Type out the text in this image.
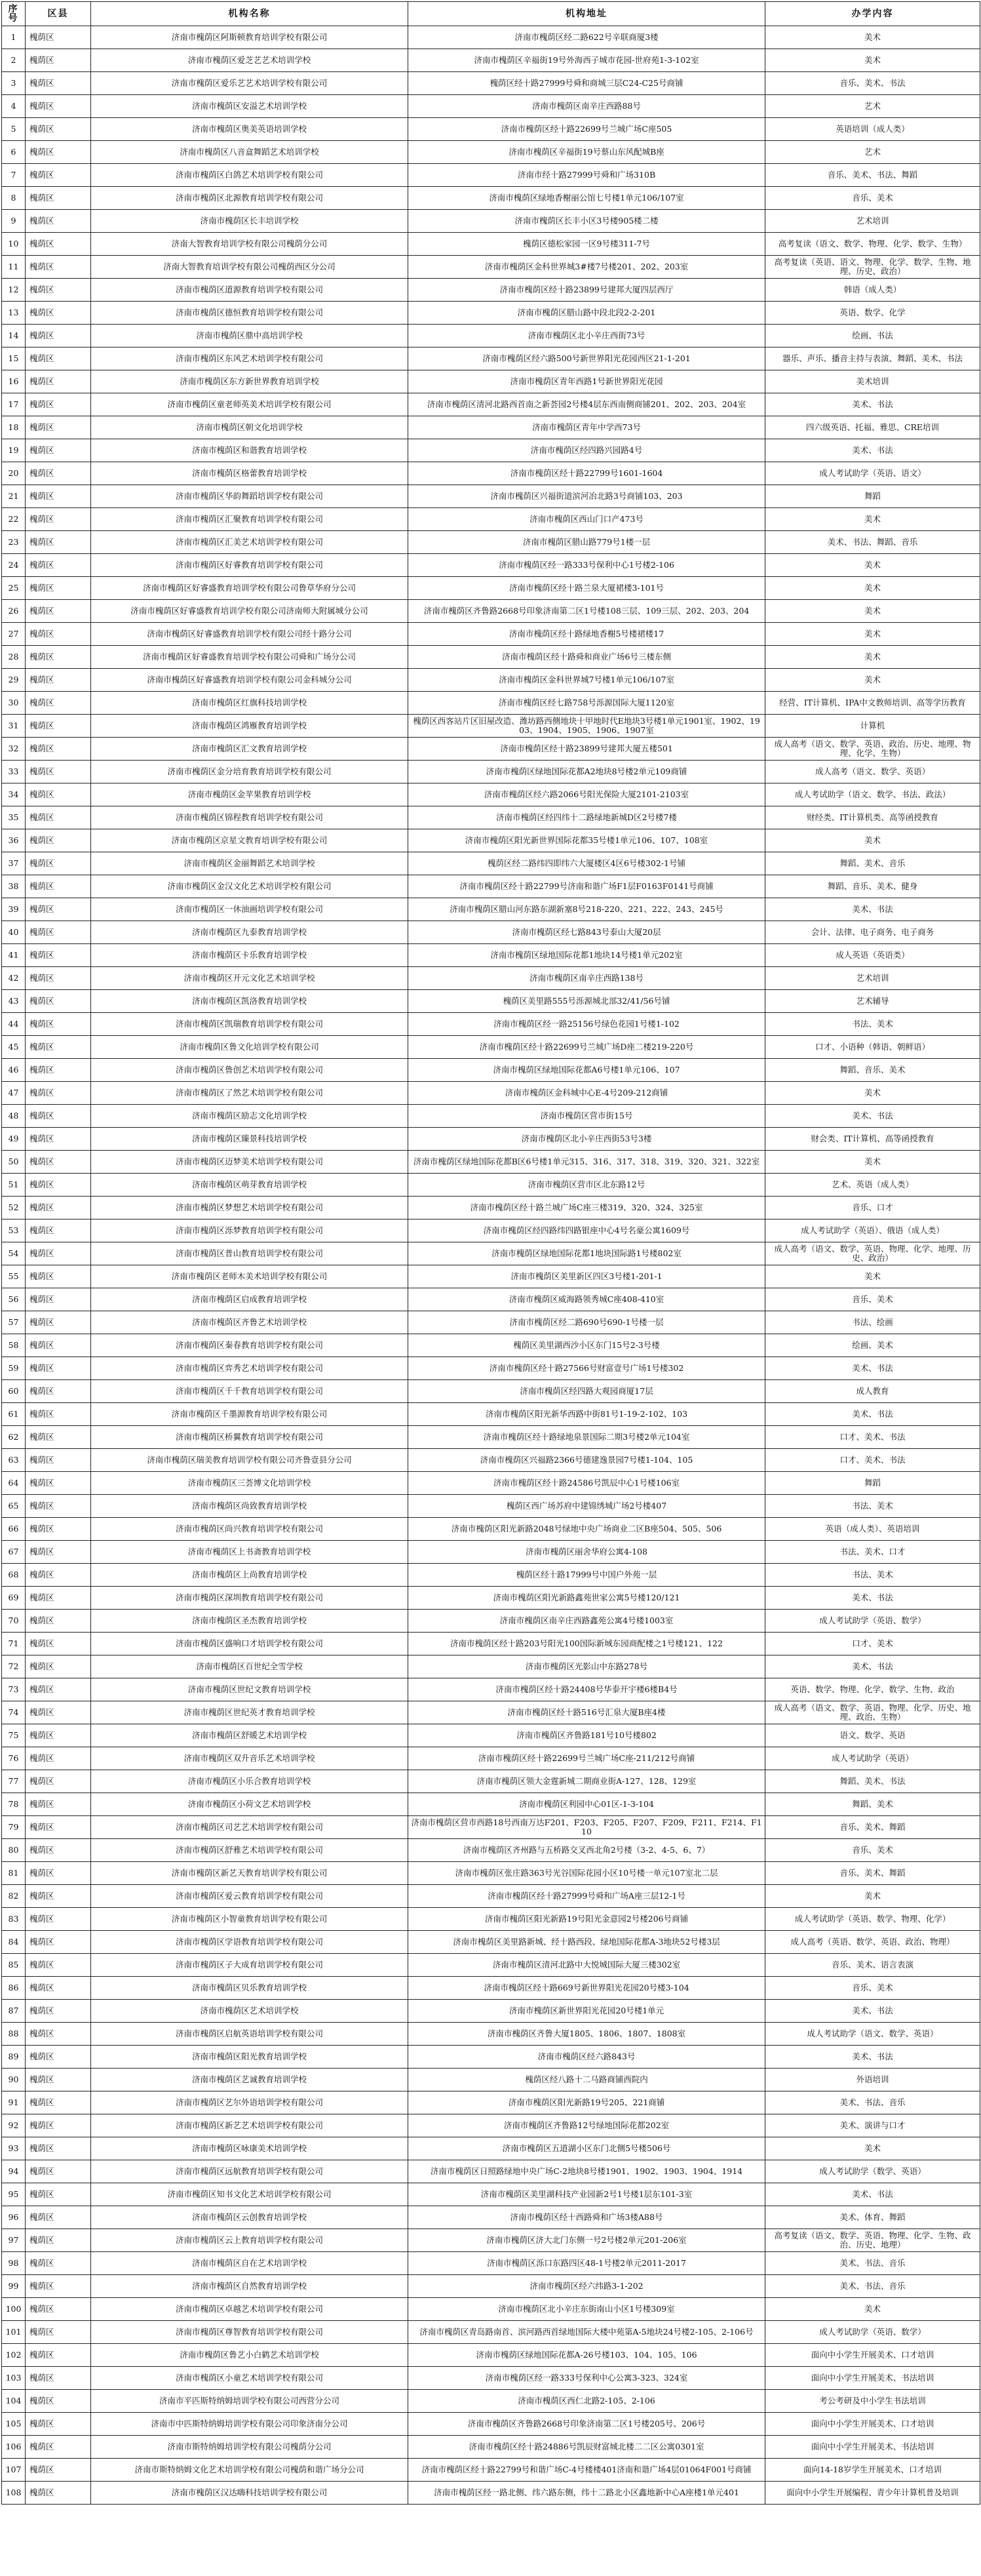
序号	区县	机构名称	机构地址	办学内容
1	槐荫区	济南市槐荫区阿斯顿教育培训学校有限公司	济南市槐荫区经二路622号辛联商厦3楼	美术
2	槐荫区	济南市槐荫区爱芝艺艺术培训学校	济南市槐荫区辛福街19号外海西子城市花园-世府苑1-3-102室	美术
3	槐荫区	济南市槐荫区爱乐艺艺术培训学校有限公司	槐荫区经十路27999号舜和商城三层C24-C25号商铺	音乐、美术、书法
4	槐荫区	济南市槐荫区安溢艺术培训学校	济南市槐荫区南辛庄西路88号	艺术
5	槐荫区	济南市槐荫区奥美英语培训学校	济南市槐荫区经十路22699号兰城广场C座505	英语培训（成人类）
6	槐荫区	济南市槐荫区八音盒舞蹈艺术培训学校	济南市槐荫区辛福街19号蔡山东风配城B座	艺术
7	槐荫区	济南市槐荫区白鸽艺术培训学校有限公司	济南市经十路27999号舜和广场310B	音乐、美术、书法、舞蹈
8	槐荫区	济南市槐荫区北源教育培训学校有限公司	济南市槐荫区绿地香榭丽公馆七号楼1单元106/107室	音乐、美术
9	槐荫区	济南市槐荫区长丰培训学校	济南市槐荫区长丰小区3号楼905楼二楼	艺术培训
10	槐荫区	济南大智教育培训学校有限公司槐荫分公司	槐荫区德松家园一区9号楼311-7号	高考复读（语文、数学、物理、化学、数学、生物）
11	槐荫区	济南大智教育培训学校有限公司槐荫西区分公司	济南市槐荫区金科世界城3#楼7号楼201、202、203室	高考复读（英语、语文、物理、化学、数学、生物、地理、历史、政治）
12	槐荫区	济南市槐荫区道源教育培训学校有限公司	济南市槐荫区经十路23899号建邦大厦四层西厅	韩语（成人类）
13	槐荫区	济南市槐荫区德恒教育培训学校有限公司	济南市槐荫区腊山路中段北段2-2-201	英语、数学、化学
14	槐荫区	济南市槐荫区鼎中高培训学校	济南市槐荫区北小辛庄西街73号	绘画、书法
15	槐荫区	济南市槐荫区东风艺术培训学校有限公司	济南市槐荫区经六路500号新世界阳光花园西区21-1-201	器乐、声乐、播音主持与表演、舞蹈、美术、书法
16	槐荫区	济南市槐荫区东方新世界教育培训学校	济南市槐荫区青年西路1号新世界阳光花园	美术培训
17	槐荫区	济南市槐荫区童老师英美术培训学校有限公司	济南市槐荫区清河北路西首南之新荟园2号楼4层东西南侧商铺201、202、203、204室	美术、书法
18	槐荫区	济南市槐荫区朝文化培训学校	济南市槐荫区青年中学西73号	四六级英语、托福、雅思、CRE培训
19	槐荫区	济南市槐荫区和谐教育培训学校	济南市槐荫区经四路兴园路4号	美术、书法
20	槐荫区	济南市槐荫区格蕾教育培训学校	济南市槐荫区经十路22799号1601-1604	成人考试助学（英语、语文）
21	槐荫区	济南市槐荫区华韵舞蹈培训学校有限公司	济南市槐荫区兴福街道滨河冶北路3号商铺103、203	舞蹈
22	槐荫区	济南市槐荫区汇聚教育培训学校有限公司	济南市槐荫区西山门口产473号	美术
23	槐荫区	济南市槐荫区汇美艺术培训学校有限公司	济南市槐荫区腊山路779号1楼一层	美术、书法、舞蹈、音乐
24	槐荫区	济南市槐荫区好睿教育培训学校有限公司	济南市槐荫区经一路333号保利中心1号楼2-106	美术
25	槐荫区	济南市槐荫区好睿盛教育培训学校有限公司鲁草华府分公司	济南市槐荫区经十路兰泉大厦裙楼3-101号	美术
26	槐荫区	济南市槐荫区好睿盛教育培训学校有限公司济南师大附属城分公司	济南市槐荫区齐鲁路2668号印象济南第二区1号楼108三层、109三层、202、203、204	美术
27	槐荫区	济南市槐荫区好睿盛教育培训学校有限公司经十路分公司	济南市槐荫区经十路绿地香榭5号楼裙楼17	美术
28	槐荫区	济南市槐荫区好睿盛教育培训学校有限公司舜和广场分公司	济南市槐荫区经十路舜和商业广场6号三楼东侧	美术
29	槐荫区	济南市槐荫区好睿盛教育培训学校有限公司金科城分公司	济南市槐荫区金科世界城7号楼1单元106/107室	美术
30	槐荫区	济南市槐荫区红旗科技培训学校	济南市槐荫区经七路758号泺源国际大厦1120室	经营、IT计算机、IPA中文教师培训、高等学历教育
31	槐荫区	济南市槐荫区鸿雁教育培训学校	槐荫区西客站片区旧屋改造、潍坊路西侧地块十甲地时代E地块3号楼1单元1901室、1902、1903、1904、1905、1906、1907室	计算机
32	槐荫区	济南市槐荫区汇文教育培训学校	济南市槐荫区经十路23899号建邦大厦五楼501	成人高考（语文、数学、英语、政治、历史、地理、物理、化学、生物）
33	槐荫区	济南市槐荫区金分培育教育培训学校有限公司	济南市槐荫区绿地国际花都A2地块8号楼2单元109商铺	成人高考（语文、数学、英语）
34	槐荫区	济南市槐荫区金苹果教育培训学校	济南市槐荫区经六路2066号阳光保险大厦2101-2103室	成人考试助学（语文、数学、书法、政法）
35	槐荫区	济南市槐荫区锦程教育培训学校有限公司	济南市槐荫区经四纬十二路绿地新城D区2号楼7楼	财经类、IT计算机类、高等函授教育
36	槐荫区	济南市槐荫区京星文教育培训学校有限公司	济南市槐荫区阳光新世界国际花都35号楼1单元106、107、108室	美术
37	槐荫区	济南市槐荫区金丽舞蹈艺术培训学校	槐荫区经二路纬四即纬六大厦楼区4区6号楼302-1号铺	舞蹈、美术、音乐
38	槐荫区	济南市槐荫区金汉文化艺术培训学校有限公司	济南市槐荫区经十路22799号济南和谐广场F1层F0163F0141号商铺	舞蹈、音乐、美术、健身
39	槐荫区	济南市槐荫区一休油画培训学校有限公司	济南市槐荫区腊山河东路东湖新塞8号218-220、221、222、243、245号	美术、书法
40	槐荫区	济南市槐荫区九泰教育培训学校	济南市槐荫区经七路843号泰山大厦20层	会计、法律、电子商务、电子商务
41	槐荫区	济南市槐荫区卡乐教育培训学校	济南市槐荫区绿地国际花都1地块14号楼1单元202室	成人英语（英语类）
42	槐荫区	济南市槐荫区开元文化艺术培训学校	济南市槐荫区南辛庄西路138号	艺术培训
43	槐荫区	济南市槐荫区凯洛教育培训学校	槐荫区美里路555号泺源城北部32/41/56号铺	艺术辅导
44	槐荫区	济南市槐荫区凯瑞教育培训学校有限公司	济南市槐荫区经一路25156号绿色花园1号楼1-102	书法、美术
45	槐荫区	济南市槐荫区鲁文化培训学校有限公司	济南市槐荫区经十路22699号兰城广场D座二楼219-220号	口才、小语种（韩语、朝鲜语）
46	槐荫区	济南市槐荫区鲁创艺术培训学校有限公司	济南市槐荫区绿地国际花都A6号楼1单元106、107	舞蹈、音乐、美术
47	槐荫区	济南市槐荫区了然艺术培训学校有限公司	济南市槐荫区金科城中心E-4号209-212商铺	美术
48	槐荫区	济南市槐荫区励志文化培训学校	济南市槐荫区营市街15号	美术、书法
49	槐荫区	济南市槐荫区臻景科技培训学校	济南市槐荫区北小辛庄西街53号3楼	财会类、IT计算机、高等函授教育
50	槐荫区	济南市槐荫区迈梦美术培训学校有限公司	济南市槐荫区绿地国际花都B区6号楼1单元315、316、317、318、319、320、321、322室	美术
51	槐荫区	济南市槐荫区萌芽教育培训学校	济南市槐荫区营市区北东路12号	艺术、英语（成人类）
52	槐荫区	济南市槐荫区梦想艺术培训学校有限公司	济南市槐荫区经十路兰城广场C座三楼319、320、324、325室	音乐、口才
53	槐荫区	济南市槐荫区泺梦教育培训学校有限公司	济南市槐荫区经四路纬四路银座中心4号名豪公寓1609号	成人考试助学（英语）、俄语（成人类）
54	槐荫区	济南市槐荫区普山教育培训学校有限公司	济南市槐荫区绿地国际花都1地块国际路1号楼802室	成人高考（语文、数学、英语、物理、化学、地理、历史、政治）
55	槐荫区	济南市槐荫区老师木美术培训学校有限公司	济南市槐荫区美里新区四区3号楼1-201-1	美术
56	槐荫区	济南市槐荫区启成教育培训学校	济南市槐荫区威海路领秀城C座408-410室	音乐、美术
57	槐荫区	济南市槐荫区齐鲁艺术培训学校	济南市槐荫区经二路690号690-1号楼一层	书法、绘画
58	槐荫区	济南市槐荫区秦春教育培训学校有限公司	槐荫区美里湖西沙小区东门15号2-3号楼	绘画、美术
59	槐荫区	济南市槐荫区弈秀艺术培训学校有限公司	济南市槐荫区经十路27566号财富壹号广场1号楼302	美术、书法
60	槐荫区	济南市槐荫区千千教育培训学校有限公司	济南市槐荫区经四路大观园商厦17层	成人教育
61	槐荫区	济南市槐荫区千墨源教育培训学校有限公司	济南市槐荫区阳光新华西路中街81号1-19-2-102、103	美术、书法
62	槐荫区	济南市槐荫区桥翼教育培训学校有限公司	济南市槐荫区经十路绿地泉景国际二期3号楼2单元104室	口才、美术、书法
63	槐荫区	济南市槐荫区瑞美教育培训学校有限公司齐鲁壹县分公司	济南市槐荫区兴福路2366号德建逸景园7号楼1-104、105	口才、美术、书法
64	槐荫区	济南市槐荫区三荟博文化培训学校	济南市槐荫区经十路24586号凯辰中心1号楼106室	舞蹈
65	槐荫区	济南市槐荫区尚致教育培训学校	槐荫区西广场苏府中建锦绣城广场2号楼407	书法、美术
66	槐荫区	济南市槐荫区尚兴教育培训学校有限公司	济南市槐荫区阳光新路2048号绿地中央广场商业二区B座504、505、506	英语（成人类）、英语培训
67	槐荫区	济南市槐荫区上书斋教育培训学校	济南市槐荫区丽舍华府公寓4-108	书法、美术、口才
68	槐荫区	济南市槐荫区上尚教育培训学校	槐荫区经十路17999号中国户外苑一层	书法、美术
69	槐荫区	济南市槐荫区深圳教育培训学校有限公司	济南市槐荫区阳光新路鑫苑世家公寓5号楼120/121	美术、书法
70	槐荫区	济南市槐荫区圣杰教育培训学校	济南市槐荫区南辛庄西路鑫苑公寓4号楼1003室	成人考试助学（英语、数学）
71	槐荫区	济南市槐荫区盛响口才培训学校有限公司	济南市槐荫区经十路203号阳光100国际新城东园商配楼之1号楼121、122	口才、美术
72	槐荫区	济南市槐荫区百世纪全雪学校	济南市槐荫区光影山中东路278号	美术、书法
73	槐荫区	济南市槐荫区世纪文教育培训学校	济南市槐荫区经十路24408号华泰开宇楼6楼B4号	英语、数学、物理、化学、数学、生物、政治
74	槐荫区	济南市槐荫区世纪英才教育培训学校	济南市槐荫区经十路516号汇泉大厦B座4楼	成人高考（语文、数学、英语、物理、化学、历史、地理、政治、生物）
75	槐荫区	济南市槐荫区舒暖艺术培训学校	济南市槐荫区齐鲁路181号10号楼802	语文、数学、英语
76	槐荫区	济南市槐荫区双升音乐艺术培训学校	济南市槐荫区经十路22699号兰城广场C座-211/212号商铺	成人考试助学（英语）
77	槐荫区	济南市槐荫区小乐合教育培训学校	济南市槐荫区领大金霆新城二期商业街A-127、128、129室	舞蹈、美术、书法
78	槐荫区	济南市槐荫区小荷文艺术培训学校	济南市槐荫区利园中心01区-1-3-104	舞蹈、美术
79	槐荫区	济南市槐荫区司艺艺术培训学校有限公司	济南市槐荫区营市西路18号西南万达F201、F203、F205、F207、F209、F211、F214、F110	音乐、美术、舞蹈
80	槐荫区	济南市槐荫区舒雅艺术培训学校有限公司	济南市槐荫区齐州路与五桥路交叉西北角2号楼（3-2、4-5、6、7）	音乐、美术
81	槐荫区	济南市槐荫区新艺天教育培训学校有限公司	济南市槐荫区张庄路363号光谷国际花园小区10号楼一单元107室北二层	音乐、美术、舞蹈
82	槐荫区	济南市槐荫区爱云教育培训学校有限公司	济南市槐荫区经十路27999号舜和广场A座三层12-1号	美术
83	槐荫区	济南市槐荫区小智童教育培训学校有限公司	济南市槐荫区阳光新路19号阳光金意园2号楼206号商铺	成人考试助学（英语、数学、物理、化学）
84	槐荫区	济南市槐荫区学语教育培训学校有限公司	济南市槐荫区美里路新城、经十路西段、绿地国际花都A-3地块52号楼3层	成人高考（英语、数学、英语、政治、物理）
85	槐荫区	济南市槐荫区子大成育培训学校有限公司	济南市槐荫区清河北路中大悦城国际大厦三楼302室	音乐、美术、语言表演
86	槐荫区	济南市槐荫区贝乐教育培训学校	济南市槐荫区经十路669号新世界阳光花园20号楼3-104	音乐、美术
87	槐荫区	济南市槐荫区艺术培训学校	济南市槐荫区新世界阳光花园20号楼1单元	美术、书法
88	槐荫区	济南市槐荫区启航英语培训学校有限公司	济南市槐荫区齐鲁大厦1805、1806、1807、1808室	成人考试助学（语文、数学、英语）
89	槐荫区	济南市槐荫区阳光教育培训学校	济南市槐荫区经六路843号	美术、书法
90	槐荫区	济南市槐荫区艺诚教育培训学校	槐荫区经八路十二马路商铺西院内	外语培训
91	槐荫区	济南市槐荫区艺尔外语培训学校有限公司	济南市槐荫区阳光新路19号205、221商铺	美术、书法、音乐
92	槐荫区	济南市槐荫区新艺艺术培训学校有限公司	济南市槐荫区齐鲁路12号绿地国际花都202室	美术、演讲与口才
93	槐荫区	济南市槐荫区咏康美术培训学校	济南市槐荫区五道湖小区东门北侧5号楼506号	美术
94	槐荫区	济南市槐荫区远航教育培训学校有限公司	济南市槐荫区日照路绿地中央广场C-2地块8号楼1901、1902、1903、1904、1914	成人考试助学（数学、英语）
95	槐荫区	济南市槐荫区知书文化艺术培训学校有限公司	济南市槐荫区美里湖科技产业园新2号1号楼1层东101-3室	美术、书法
96	槐荫区	济南市槐荫区云创教育培训学校	济南市槐荫区经十西路舜和广场3楼A88号	美术、体育、舞蹈
97	槐荫区	济南市槐荫区云上教育培训学校有限公司	济南市槐荫区济大北门东侧一号2号楼2单元201-206室	高考复读（语文、数学、英语、物理、化学、生物、政治、历史、地理）
98	槐荫区	济南市槐荫区自在艺术培训学校	济南市槐荫区泺口东路四区48-1号楼2单元2011-2017	美术、书法、音乐
99	槐荫区	济南市槐荫区自然教育培训学校	济南市槐荫区经六纬路3-1-202	美术、书法、音乐
100	槐荫区	济南市槐荫区卓越艺术培训学校有限公司	济南市槐荫区北小辛庄东街南山小区1号楼309室	美术
101	槐荫区	济南市槐荫区尊智教育培训学校有限公司	济南市槐荫区青岛路南首、滨河路西首绿地国际大楼中苑第A-5地块24号楼2-105、2-106号	成人考试助学（英语、数学）
102	槐荫区	济南市槐荫区鲁艺小白鹤艺术培训学校	济南市槐荫区绿地国际花都A-26号楼103、104、105、106	面向中小学生开展美术、口才培训
103	槐荫区	济南市槐荫区小童艺术培训学校有限公司	济南市槐荫区经一路333号保利中心公寓3-323、324室	面向中小学生开展美术、书法培训
104	槐荫区	济南市平匹斯特纳姆培训学校有限公司西营分公司	济南市槐荫区西仁北路2-105、2-106	考公考研及中小学生书法培训
105	槐荫区	济南市中匹斯特纳姆培训学校有限公司印象济南分公司	济南市槐荫区齐鲁路2668号印象济南第二区1号楼205号、206号	面向中小学生开展美术、口才培训
106	槐荫区	济南市斯特纳姆培训学校有限公司槐荫分公司	济南市槐荫区经十路24886号凯辰财富城北楼二二区公寓0301室	面向中小学生开展美术、书法培训
107	槐荫区	济南市斯特纳姆文化艺术培训学校有限公司槐荫和谐广场分公司	济南市槐荫区经十路22799号和谐广场C-4号楼楼401济南和谐广场4层01064F001号商铺	面向14-18岁学生开展美术、口才培训
108	槐荫区	济南市槐荫区汉达嗨科技培训学校有限公司	济南市槐荫区经一路北侧、纬六路东侧，纬十二路北小区鑫地新中心A座楼1单元401	面向中小学生开展编程、青少年计算机普及培训
